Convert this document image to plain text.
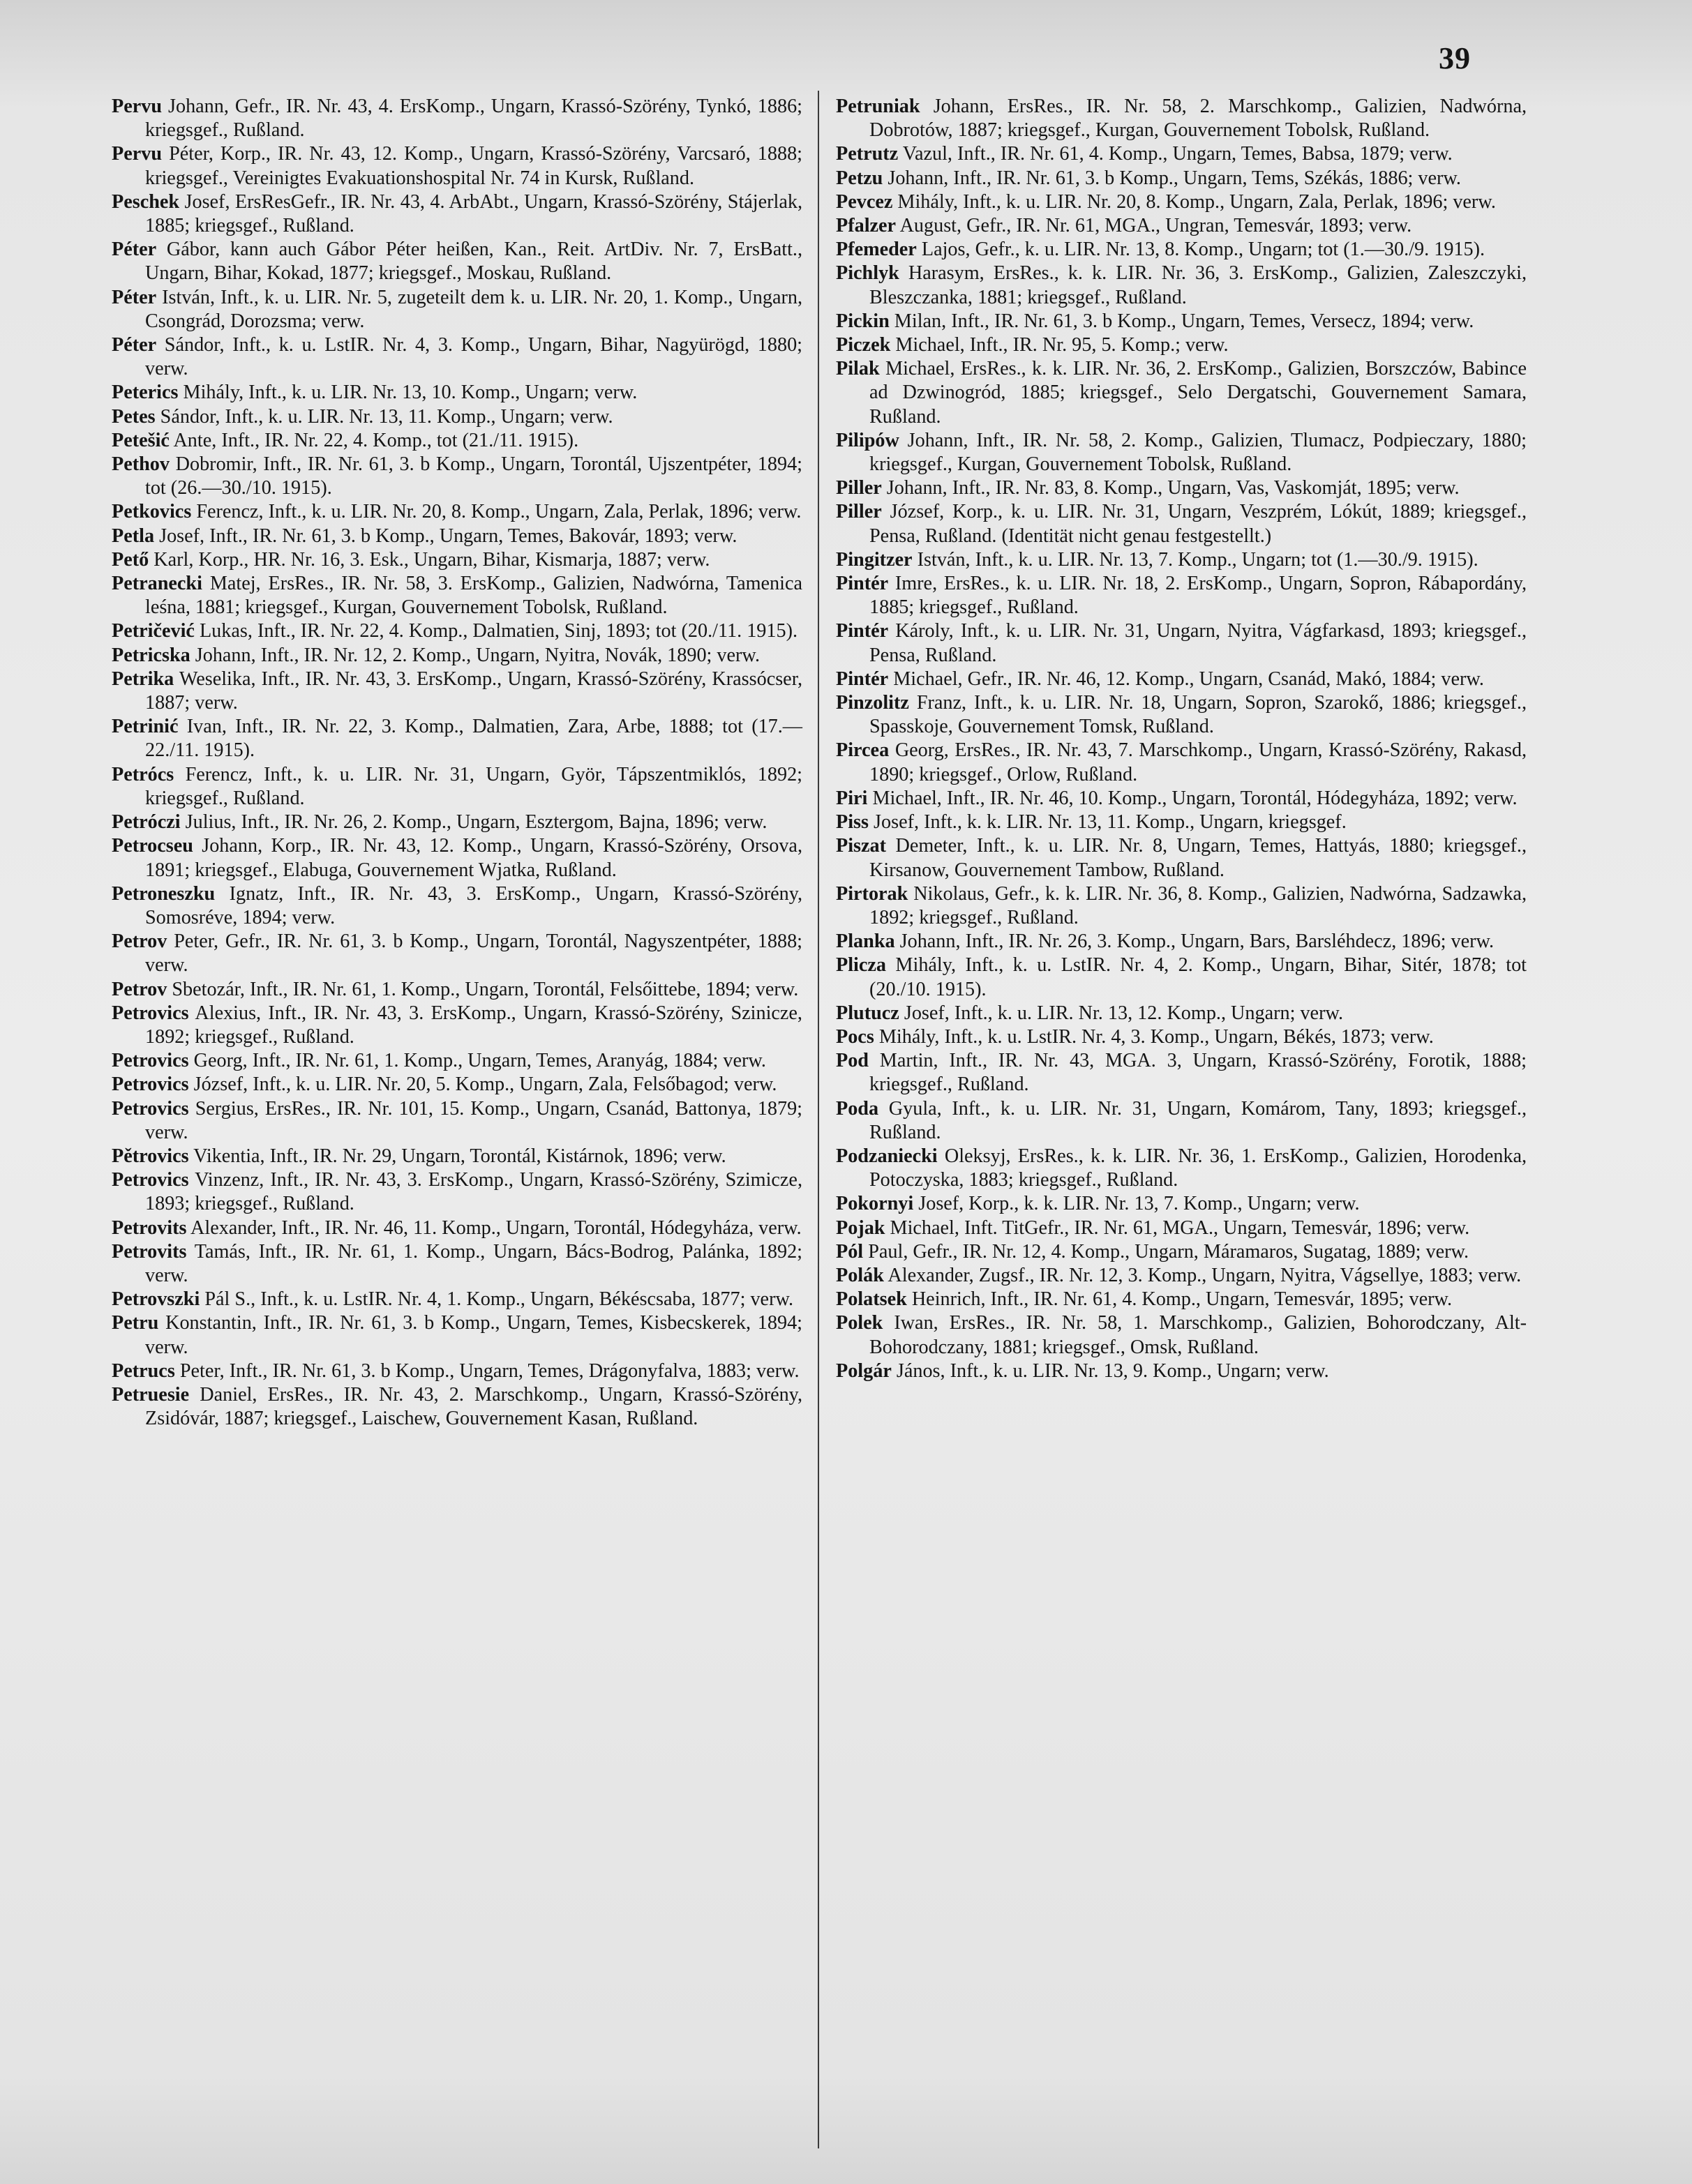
39

Pervu Johann, Gefr., IR. Nr. 43, 4. ErsKomp., Ungarn, Krassó-Szörény, Tynkó, 1886; kriegsgef., Rußland.

Pervu Péter, Korp., IR. Nr. 43, 12. Komp., Ungarn, Krassó-Szörény, Varcsaró, 1888; kriegsgef., Vereinigtes Evakuationshospital Nr. 74 in Kursk, Rußland.

Peschek Josef, ErsResGefr., IR. Nr. 43, 4. ArbAbt., Ungarn, Krassó-Szörény, Stájerlak, 1885; kriegsgef., Rußland.

Péter Gábor, kann auch Gábor Péter heißen, Kan., Reit. ArtDiv. Nr. 7, ErsBatt., Ungarn, Bihar, Kokad, 1877; kriegsgef., Moskau, Rußland.

Péter István, Inft., k. u. LIR. Nr. 5, zugeteilt dem k. u. LIR. Nr. 20, 1. Komp., Ungarn, Csongrád, Dorozsma; verw.

Péter Sándor, Inft., k. u. LstIR. Nr. 4, 3. Komp., Ungarn, Bihar, Nagyürögd, 1880; verw.

Peterics Mihály, Inft., k. u. LIR. Nr. 13, 10. Komp., Ungarn; verw.

Petes Sándor, Inft., k. u. LIR. Nr. 13, 11. Komp., Ungarn; verw.

Petešić Ante, Inft., IR. Nr. 22, 4. Komp., tot (21./11. 1915).

Pethov Dobromir, Inft., IR. Nr. 61, 3. b Komp., Ungarn, Torontál, Ujszentpéter, 1894; tot (26.—30./10. 1915).

Petkovics Ferencz, Inft., k. u. LIR. Nr. 20, 8. Komp., Ungarn, Zala, Perlak, 1896; verw.

Petla Josef, Inft., IR. Nr. 61, 3. b Komp., Ungarn, Temes, Bakovár, 1893; verw.

Pető Karl, Korp., HR. Nr. 16, 3. Esk., Ungarn, Bihar, Kismarja, 1887; verw.

Petranecki Matej, ErsRes., IR. Nr. 58, 3. ErsKomp., Galizien, Nadwórna, Tamenica leśna, 1881; kriegsgef., Kurgan, Gouvernement Tobolsk, Rußland.

Petričević Lukas, Inft., IR. Nr. 22, 4. Komp., Dalmatien, Sinj, 1893; tot (20./11. 1915).

Petricska Johann, Inft., IR. Nr. 12, 2. Komp., Ungarn, Nyitra, Novák, 1890; verw.

Petrika Weselika, Inft., IR. Nr. 43, 3. ErsKomp., Ungarn, Krassó-Szörény, Krassócser, 1887; verw.

Petrinić Ivan, Inft., IR. Nr. 22, 3. Komp., Dalmatien, Zara, Arbe, 1888; tot (17.—22./11. 1915).

Petrócs Ferencz, Inft., k. u. LIR. Nr. 31, Ungarn, Györ, Tápszentmiklós, 1892; kriegsgef., Rußland.

Petróczi Julius, Inft., IR. Nr. 26, 2. Komp., Ungarn, Esztergom, Bajna, 1896; verw.

Petrocseu Johann, Korp., IR. Nr. 43, 12. Komp., Ungarn, Krassó-Szörény, Orsova, 1891; kriegsgef., Elabuga, Gouvernement Wjatka, Rußland.

Petroneszku Ignatz, Inft., IR. Nr. 43, 3. ErsKomp., Ungarn, Krassó-Szörény, Somosréve, 1894; verw.

Petrov Peter, Gefr., IR. Nr. 61, 3. b Komp., Ungarn, Torontál, Nagyszentpéter, 1888; verw.

Petrov Sbetozár, Inft., IR. Nr. 61, 1. Komp., Ungarn, Torontál, Felsőittebe, 1894; verw.

Petrovics Alexius, Inft., IR. Nr. 43, 3. ErsKomp., Ungarn, Krassó-Szörény, Szinicze, 1892; kriegsgef., Rußland.

Petrovics Georg, Inft., IR. Nr. 61, 1. Komp., Ungarn, Temes, Aranyág, 1884; verw.

Petrovics József, Inft., k. u. LIR. Nr. 20, 5. Komp., Ungarn, Zala, Felsőbagod; verw.

Petrovics Sergius, ErsRes., IR. Nr. 101, 15. Komp., Ungarn, Csanád, Battonya, 1879; verw.

Pětrovics Vikentia, Inft., IR. Nr. 29, Ungarn, Torontál, Kistárnok, 1896; verw.

Petrovics Vinzenz, Inft., IR. Nr. 43, 3. ErsKomp., Ungarn, Krassó-Szörény, Szimicze, 1893; kriegsgef., Rußland.

Petrovits Alexander, Inft., IR. Nr. 46, 11. Komp., Ungarn, Torontál, Hódegyháza, verw.

Petrovits Tamás, Inft., IR. Nr. 61, 1. Komp., Ungarn, Bács-Bodrog, Palánka, 1892; verw.

Petrovszki Pál S., Inft., k. u. LstIR. Nr. 4, 1. Komp., Ungarn, Békéscsaba, 1877; verw.

Petru Konstantin, Inft., IR. Nr. 61, 3. b Komp., Ungarn, Temes, Kisbecskerek, 1894; verw.

Petrucs Peter, Inft., IR. Nr. 61, 3. b Komp., Ungarn, Temes, Drágonyfalva, 1883; verw.

Petruesie Daniel, ErsRes., IR. Nr. 43, 2. Marschkomp., Ungarn, Krassó-Szörény, Zsidóvár, 1887; kriegsgef., Laischew, Gouvernement Kasan, Rußland.

Petruniak Johann, ErsRes., IR. Nr. 58, 2. Marschkomp., Galizien, Nadwórna, Dobrotów, 1887; kriegsgef., Kurgan, Gouvernement Tobolsk, Rußland.

Petrutz Vazul, Inft., IR. Nr. 61, 4. Komp., Ungarn, Temes, Babsa, 1879; verw.

Petzu Johann, Inft., IR. Nr. 61, 3. b Komp., Ungarn, Tems, Székás, 1886; verw.

Pevcez Mihály, Inft., k. u. LIR. Nr. 20, 8. Komp., Ungarn, Zala, Perlak, 1896; verw.

Pfalzer August, Gefr., IR. Nr. 61, MGA., Ungran, Temesvár, 1893; verw.

Pfemeder Lajos, Gefr., k. u. LIR. Nr. 13, 8. Komp., Ungarn; tot (1.—30./9. 1915).

Pichlyk Harasym, ErsRes., k. k. LIR. Nr. 36, 3. ErsKomp., Galizien, Zaleszczyki, Bleszczanka, 1881; kriegsgef., Rußland.

Pickin Milan, Inft., IR. Nr. 61, 3. b Komp., Ungarn, Temes, Versecz, 1894; verw.

Piczek Michael, Inft., IR. Nr. 95, 5. Komp.; verw.

Pilak Michael, ErsRes., k. k. LIR. Nr. 36, 2. ErsKomp., Galizien, Borszczów, Babince ad Dzwinogród, 1885; kriegsgef., Selo Dergatschi, Gouvernement Samara, Rußland.

Pilipów Johann, Inft., IR. Nr. 58, 2. Komp., Galizien, Tlumacz, Podpieczary, 1880; kriegsgef., Kurgan, Gouvernement Tobolsk, Rußland.

Piller Johann, Inft., IR. Nr. 83, 8. Komp., Ungarn, Vas, Vaskomját, 1895; verw.

Piller József, Korp., k. u. LIR. Nr. 31, Ungarn, Veszprém, Lókút, 1889; kriegsgef., Pensa, Rußland. (Identität nicht genau festgestellt.)

Pingitzer István, Inft., k. u. LIR. Nr. 13, 7. Komp., Ungarn; tot (1.—30./9. 1915).

Pintér Imre, ErsRes., k. u. LIR. Nr. 18, 2. ErsKomp., Ungarn, Sopron, Rábapordány, 1885; kriegsgef., Rußland.

Pintér Károly, Inft., k. u. LIR. Nr. 31, Ungarn, Nyitra, Vágfarkasd, 1893; kriegsgef., Pensa, Rußland.

Pintér Michael, Gefr., IR. Nr. 46, 12. Komp., Ungarn, Csanád, Makó, 1884; verw.

Pinzolitz Franz, Inft., k. u. LIR. Nr. 18, Ungarn, Sopron, Szarokő, 1886; kriegsgef., Spasskoje, Gouvernement Tomsk, Rußland.

Pircea Georg, ErsRes., IR. Nr. 43, 7. Marschkomp., Ungarn, Krassó-Szörény, Rakasd, 1890; kriegsgef., Orlow, Rußland.

Piri Michael, Inft., IR. Nr. 46, 10. Komp., Ungarn, Torontál, Hódegyháza, 1892; verw.

Piss Josef, Inft., k. k. LIR. Nr. 13, 11. Komp., Ungarn, kriegsgef.

Piszat Demeter, Inft., k. u. LIR. Nr. 8, Ungarn, Temes, Hattyás, 1880; kriegsgef., Kirsanow, Gouvernement Tambow, Rußland.

Pirtorak Nikolaus, Gefr., k. k. LIR. Nr. 36, 8. Komp., Galizien, Nadwórna, Sadzawka, 1892; kriegsgef., Rußland.

Planka Johann, Inft., IR. Nr. 26, 3. Komp., Ungarn, Bars, Barsléhdecz, 1896; verw.

Plicza Mihály, Inft., k. u. LstIR. Nr. 4, 2. Komp., Ungarn, Bihar, Sitér, 1878; tot (20./10. 1915).

Plutucz Josef, Inft., k. u. LIR. Nr. 13, 12. Komp., Ungarn; verw.

Pocs Mihály, Inft., k. u. LstIR. Nr. 4, 3. Komp., Ungarn, Békés, 1873; verw.

Pod Martin, Inft., IR. Nr. 43, MGA. 3, Ungarn, Krassó-Szörény, Forotik, 1888; kriegsgef., Rußland.

Poda Gyula, Inft., k. u. LIR. Nr. 31, Ungarn, Komárom, Tany, 1893; kriegsgef., Rußland.

Podzaniecki Oleksyj, ErsRes., k. k. LIR. Nr. 36, 1. ErsKomp., Galizien, Horodenka, Potoczyska, 1883; kriegsgef., Rußland.

Pokornyi Josef, Korp., k. k. LIR. Nr. 13, 7. Komp., Ungarn; verw.

Pojak Michael, Inft. TitGefr., IR. Nr. 61, MGA., Ungarn, Temesvár, 1896; verw.

Pól Paul, Gefr., IR. Nr. 12, 4. Komp., Ungarn, Máramaros, Sugatag, 1889; verw.

Polák Alexander, Zugsf., IR. Nr. 12, 3. Komp., Ungarn, Nyitra, Vágsellye, 1883; verw.

Polatsek Heinrich, Inft., IR. Nr. 61, 4. Komp., Ungarn, Temesvár, 1895; verw.

Polek Iwan, ErsRes., IR. Nr. 58, 1. Marschkomp., Galizien, Bohorodczany, Alt-Bohorodczany, 1881; kriegsgef., Omsk, Rußland.

Polgár János, Inft., k. u. LIR. Nr. 13, 9. Komp., Ungarn; verw.
